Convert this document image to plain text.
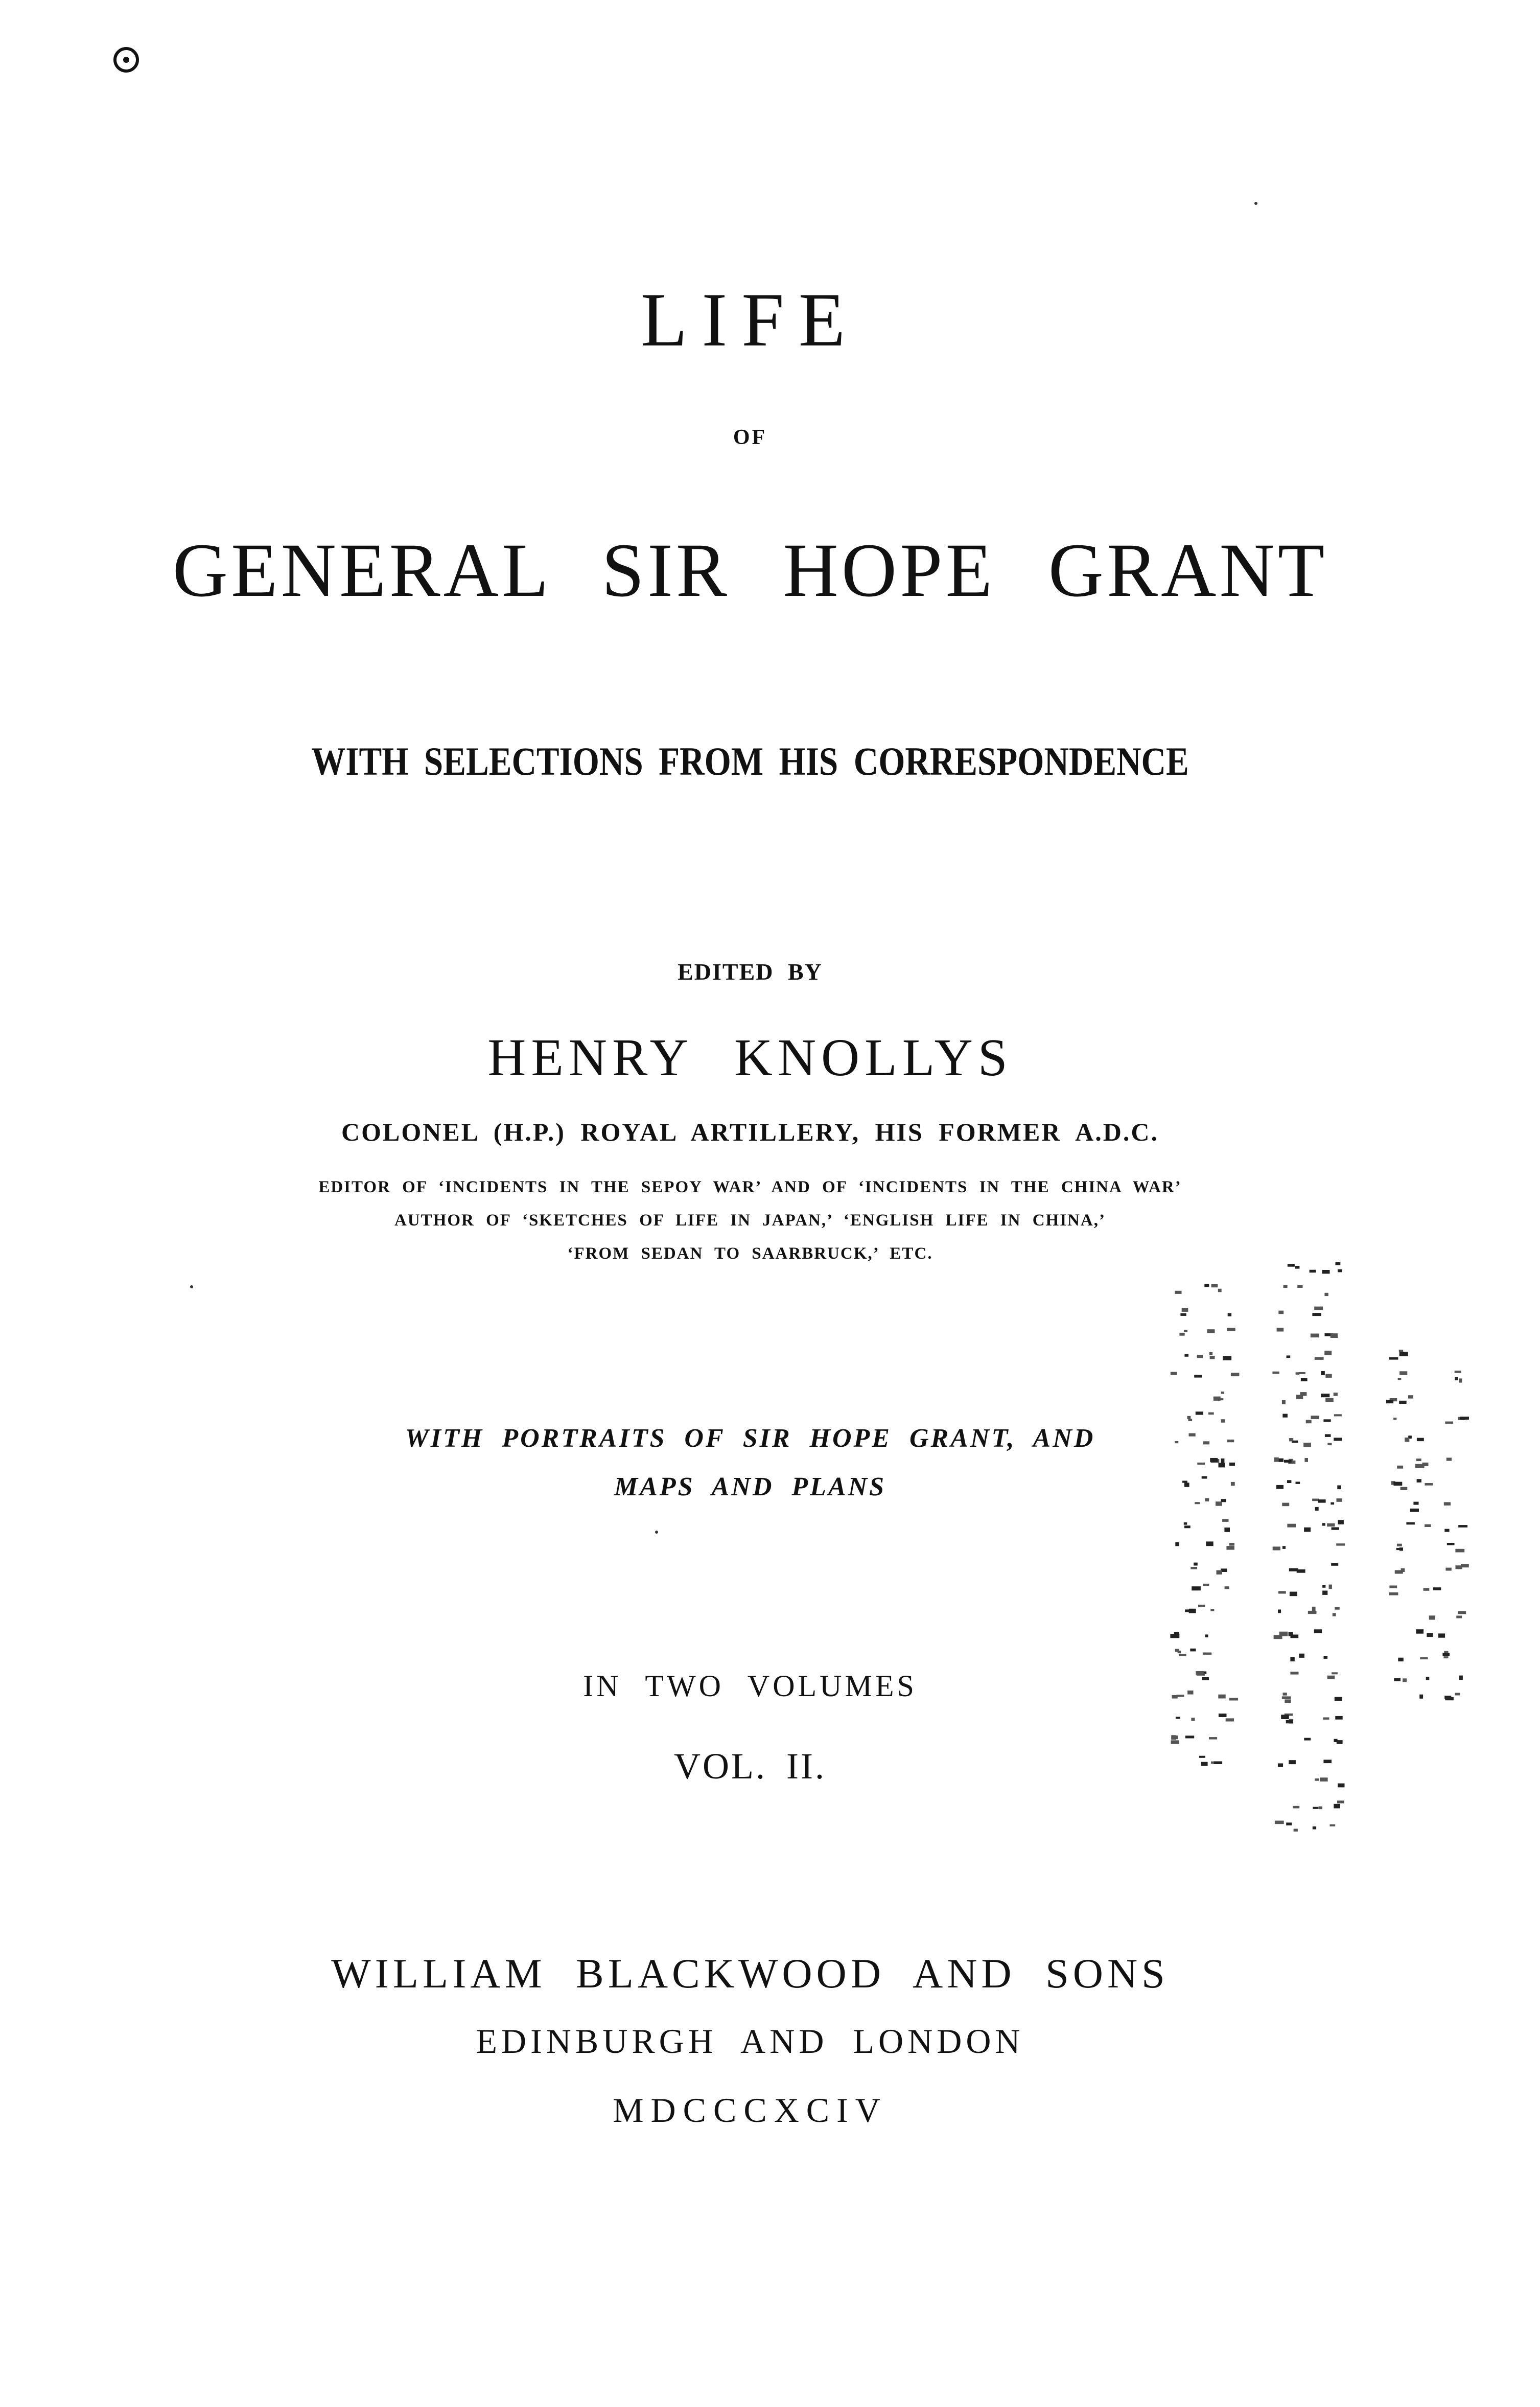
LIFE
OF
GENERAL SIR HOPE GRANT
WITH SELECTIONS FROM HIS CORRESPONDENCE
EDITED BY
HENRY KNOLLYS
COLONEL (H.P.) ROYAL ARTILLERY, HIS FORMER A.D.C.
EDITOR OF ‘INCIDENTS IN THE SEPOY WAR’ AND OF ‘INCIDENTS IN THE CHINA WAR’
AUTHOR OF ‘SKETCHES OF LIFE IN JAPAN,’ ‘ENGLISH LIFE IN CHINA,’
‘FROM SEDAN TO SAARBRUCK,’ ETC.
WITH PORTRAITS OF SIR HOPE GRANT, AND
MAPS AND PLANS
IN TWO VOLUMES
VOL. II.
WILLIAM BLACKWOOD AND SONS
EDINBURGH AND LONDON
MDCCCXCIV
